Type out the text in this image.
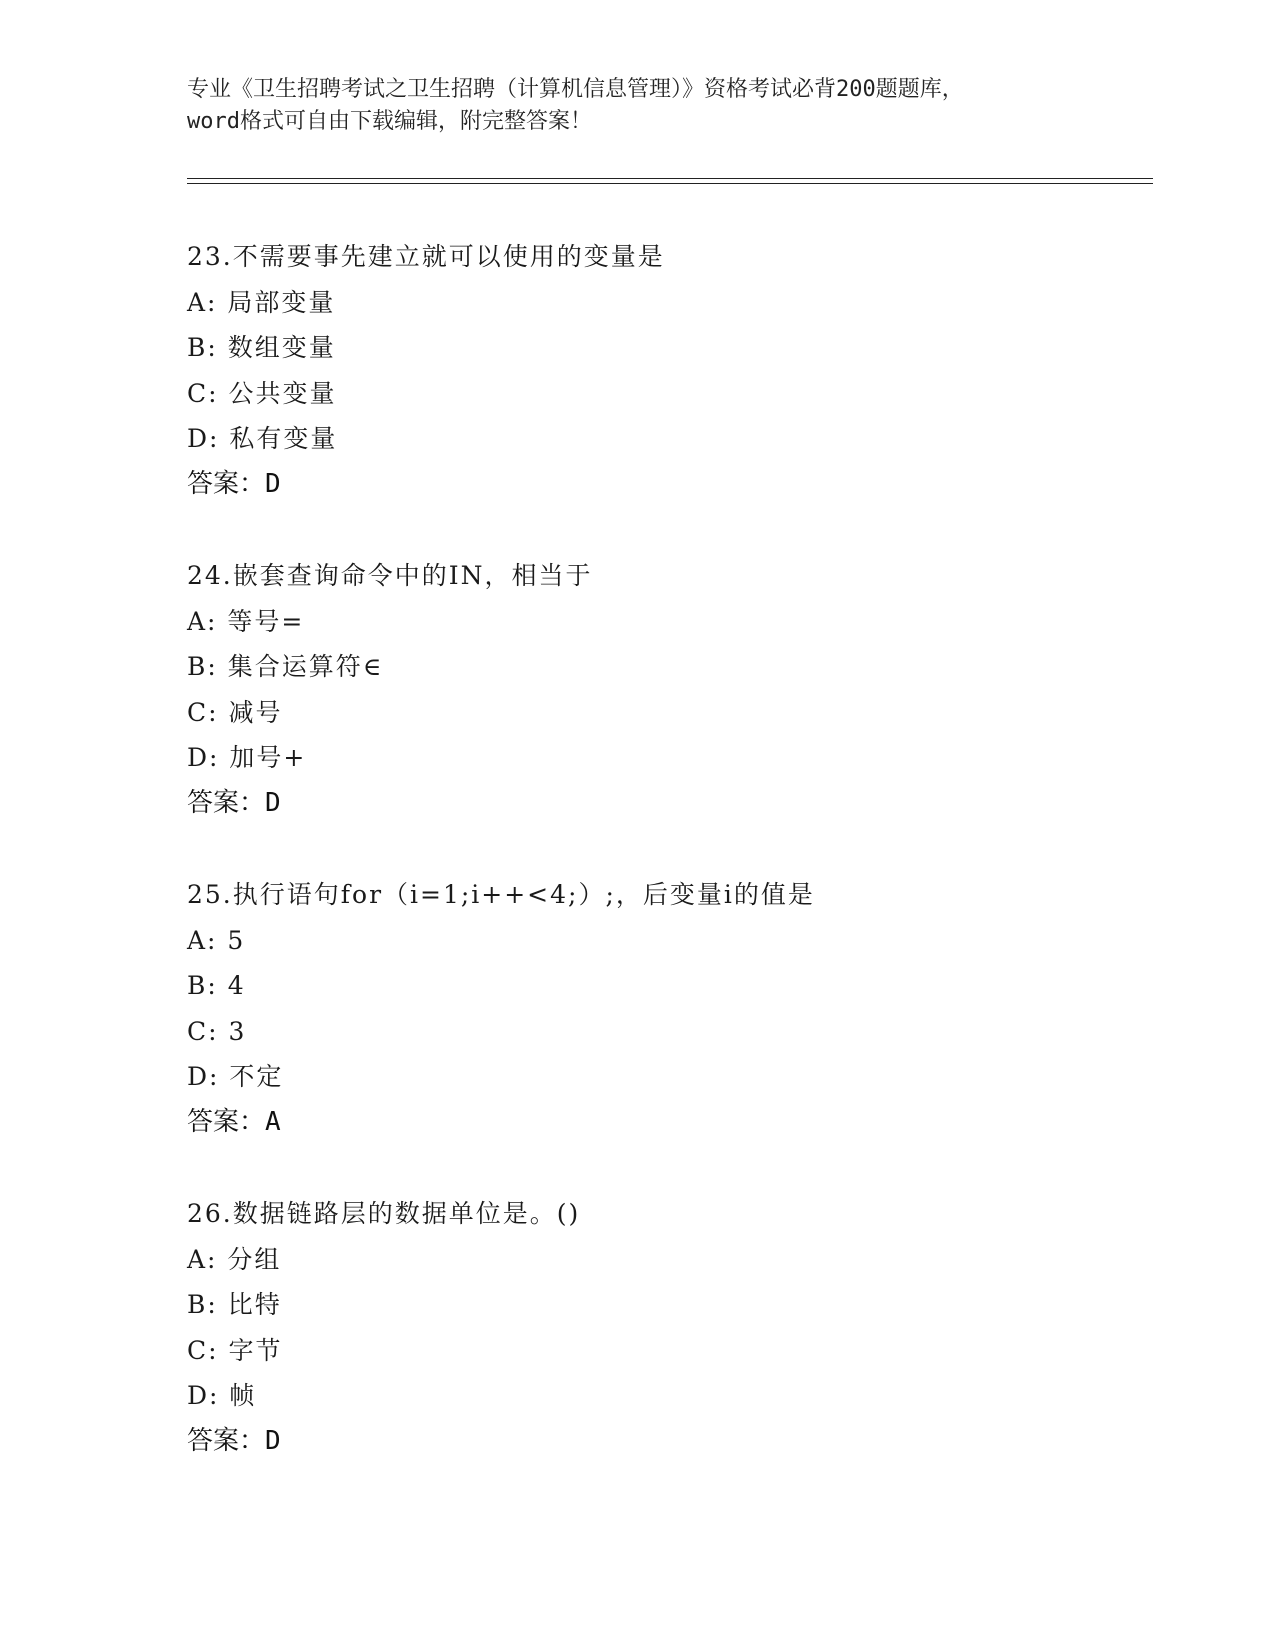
专业《卫生招聘考试之卫生招聘（计算机信息管理）》资格考试必背200题题库，
word格式可自由下载编辑，附完整答案！
23.不需要事先建立就可以使用的变量是
A: 局部变量
B: 数组变量
C: 公共变量
D: 私有变量
答案：D
24.嵌套查询命令中的IN，相当于
A: 等号=
B: 集合运算符∈
C: 减号
D: 加号+
答案：D
25.执行语句for（i=1;i++<4;）;，后变量i的值是
A: 5
B: 4
C: 3
D: 不定
答案：A
26.数据链路层的数据单位是。()
A: 分组
B: 比特
C: 字节
D: 帧
答案：D
